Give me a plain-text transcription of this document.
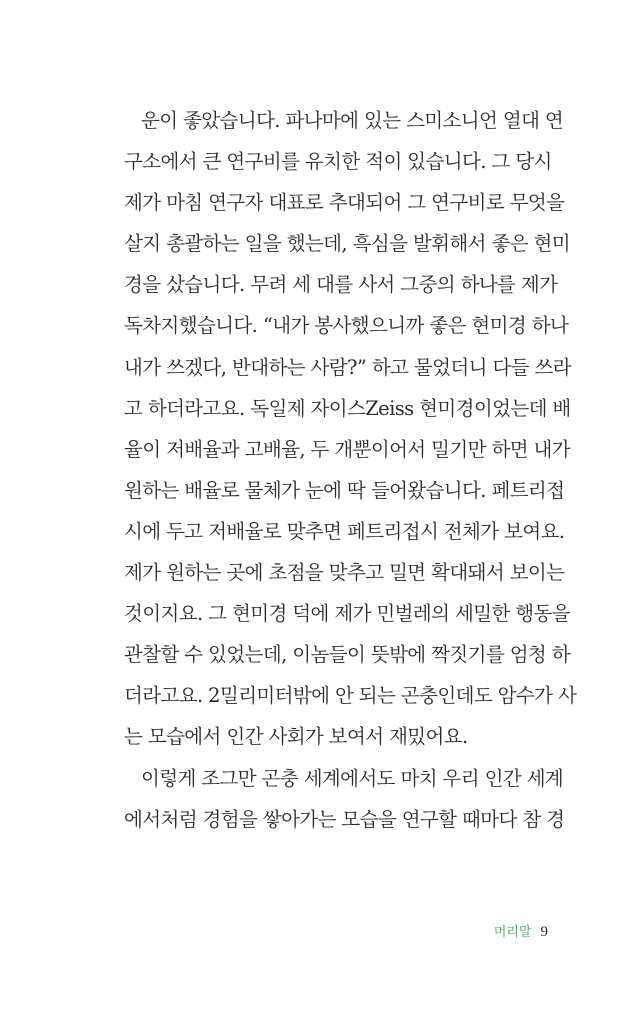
운이 좋았습니다. 파나마에 있는 스미소니언 열대 연
구소에서 큰 연구비를 유치한 적이 있습니다. 그 당시
제가 마침 연구자 대표로 추대되어 그 연구비로 무엇을
살지 총괄하는 일을 했는데, 흑심을 발휘해서 좋은 현미
경을 샀습니다. 무려 세 대를 사서 그중의 하나를 제가
독차지했습니다. “내가 봉사했으니까 좋은 현미경 하나
내가 쓰겠다, 반대하는 사람?” 하고 물었더니 다들 쓰라
고 하더라고요. 독일제 자이스Zeiss 현미경이었는데 배
율이 저배율과 고배율, 두 개뿐이어서 밀기만 하면 내가
원하는 배율로 물체가 눈에 딱 들어왔습니다. 페트리접
시에 두고 저배율로 맞추면 페트리접시 전체가 보여요.
제가 원하는 곳에 초점을 맞추고 밀면 확대돼서 보이는
것이지요. 그 현미경 덕에 제가 민벌레의 세밀한 행동을
관찰할 수 있었는데, 이놈들이 뜻밖에 짝짓기를 엄청 하
더라고요. 2밀리미터밖에 안 되는 곤충인데도 암수가 사
는 모습에서 인간 사회가 보여서 재밌어요.
이렇게 조그만 곤충 세계에서도 마치 우리 인간 세계
에서처럼 경험을 쌓아가는 모습을 연구할 때마다 참 경
머리말 9
